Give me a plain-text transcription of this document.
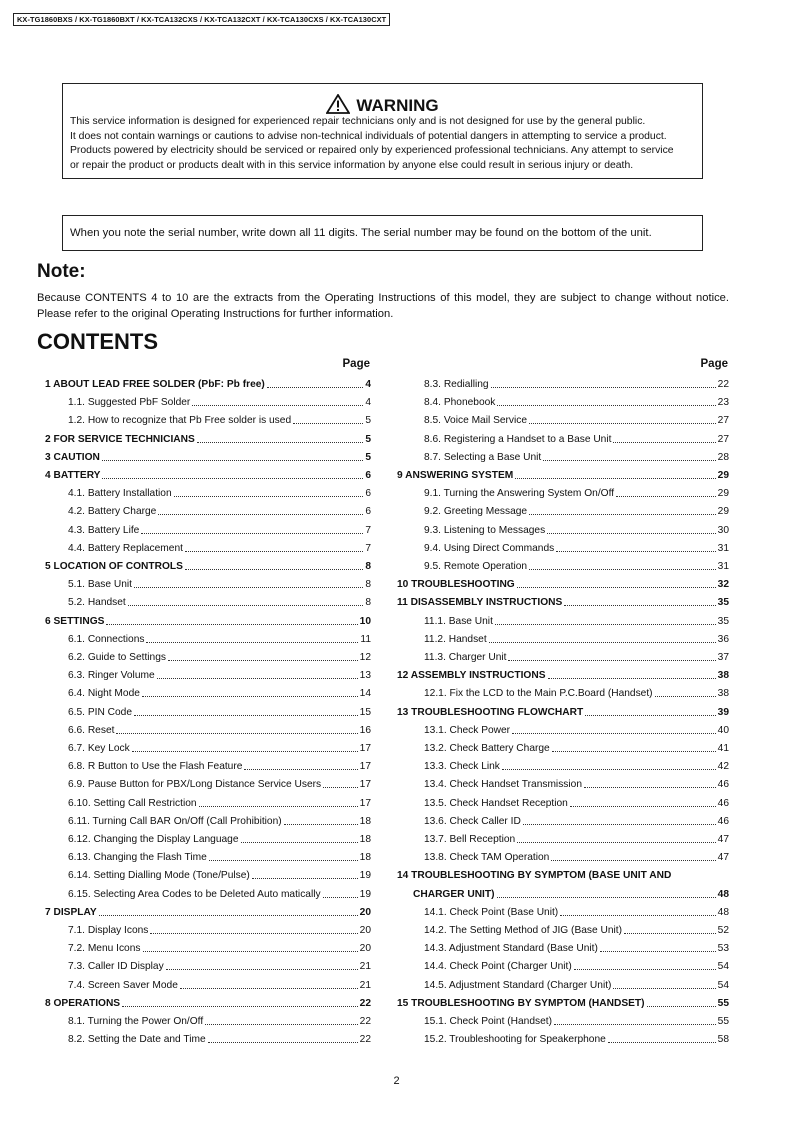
KX-TG1860BXS / KX-TG1860BXT / KX-TCA132CXS / KX-TCA132CXT / KX-TCA130CXS / KX-TCA130CXT
WARNING
This service information is designed for experienced repair technicians only and is not designed for use by the general public.
It does not contain warnings or cautions to advise non-technical individuals of potential dangers in attempting to service a product.
Products powered by electricity should be serviced or repaired only by experienced professional technicians. Any attempt to service
or repair the product or products dealt with in this service information by anyone else could result in serious injury or death.
When you note the serial number, write down all 11 digits. The serial number may be found on the bottom of the unit.
Note:
Because CONTENTS 4 to 10 are the extracts from the Operating Instructions of this model, they are subject to change without notice. Please refer to the original Operating Instructions for further information.
CONTENTS
Page	Page
1 ABOUT LEAD FREE SOLDER (PbF: Pb free)	4
1.1. Suggested PbF Solder	4
1.2. How to recognize that Pb Free solder is used	5
2 FOR SERVICE TECHNICIANS	5
3 CAUTION	5
4 BATTERY	6
4.1. Battery Installation	6
4.2. Battery Charge	6
4.3. Battery Life	7
4.4. Battery Replacement	7
5 LOCATION OF CONTROLS	8
5.1. Base Unit	8
5.2. Handset	8
6 SETTINGS	10
6.1. Connections	11
6.2. Guide to Settings	12
6.3. Ringer Volume	13
6.4. Night Mode	14
6.5. PIN Code	15
6.6. Reset	16
6.7. Key Lock	17
6.8. R Button to Use the Flash Feature	17
6.9. Pause Button for PBX/Long Distance Service Users	17
6.10. Setting Call Restriction	17
6.11. Turning Call BAR On/Off (Call Prohibition)	18
6.12. Changing the Display Language	18
6.13. Changing the Flash Time	18
6.14. Setting Dialling Mode (Tone/Pulse)	19
6.15. Selecting Area Codes to be Deleted Auto matically	19
7 DISPLAY	20
7.1. Display Icons	20
7.2. Menu Icons	20
7.3. Caller ID Display	21
7.4. Screen Saver Mode	21
8 OPERATIONS	22
8.1. Turning the Power On/Off	22
8.2. Setting the Date and Time	22
8.3. Redialling	22
8.4. Phonebook	23
8.5. Voice Mail Service	27
8.6. Registering a Handset to a Base Unit	27
8.7. Selecting a Base Unit	28
9 ANSWERING SYSTEM	29
9.1. Turning the Answering System On/Off	29
9.2. Greeting Message	29
9.3. Listening to Messages	30
9.4. Using Direct Commands	31
9.5. Remote Operation	31
10 TROUBLESHOOTING	32
11 DISASSEMBLY INSTRUCTIONS	35
11.1. Base Unit	35
11.2. Handset	36
11.3. Charger Unit	37
12 ASSEMBLY INSTRUCTIONS	38
12.1. Fix the LCD to the Main P.C.Board (Handset)	38
13 TROUBLESHOOTING FLOWCHART	39
13.1. Check Power	40
13.2. Check Battery Charge	41
13.3. Check Link	42
13.4. Check Handset Transmission	46
13.5. Check Handset Reception	46
13.6. Check Caller ID	46
13.7. Bell Reception	47
13.8. Check TAM Operation	47
14 TROUBLESHOOTING BY SYMPTOM (BASE UNIT AND
CHARGER UNIT)	48
14.1. Check Point (Base Unit)	48
14.2. The Setting Method of JIG (Base Unit)	52
14.3. Adjustment Standard (Base Unit)	53
14.4. Check Point (Charger Unit)	54
14.5. Adjustment Standard (Charger Unit)	54
15 TROUBLESHOOTING BY SYMPTOM (HANDSET)	55
15.1. Check Point (Handset)	55
15.2. Troubleshooting for Speakerphone	58
2
